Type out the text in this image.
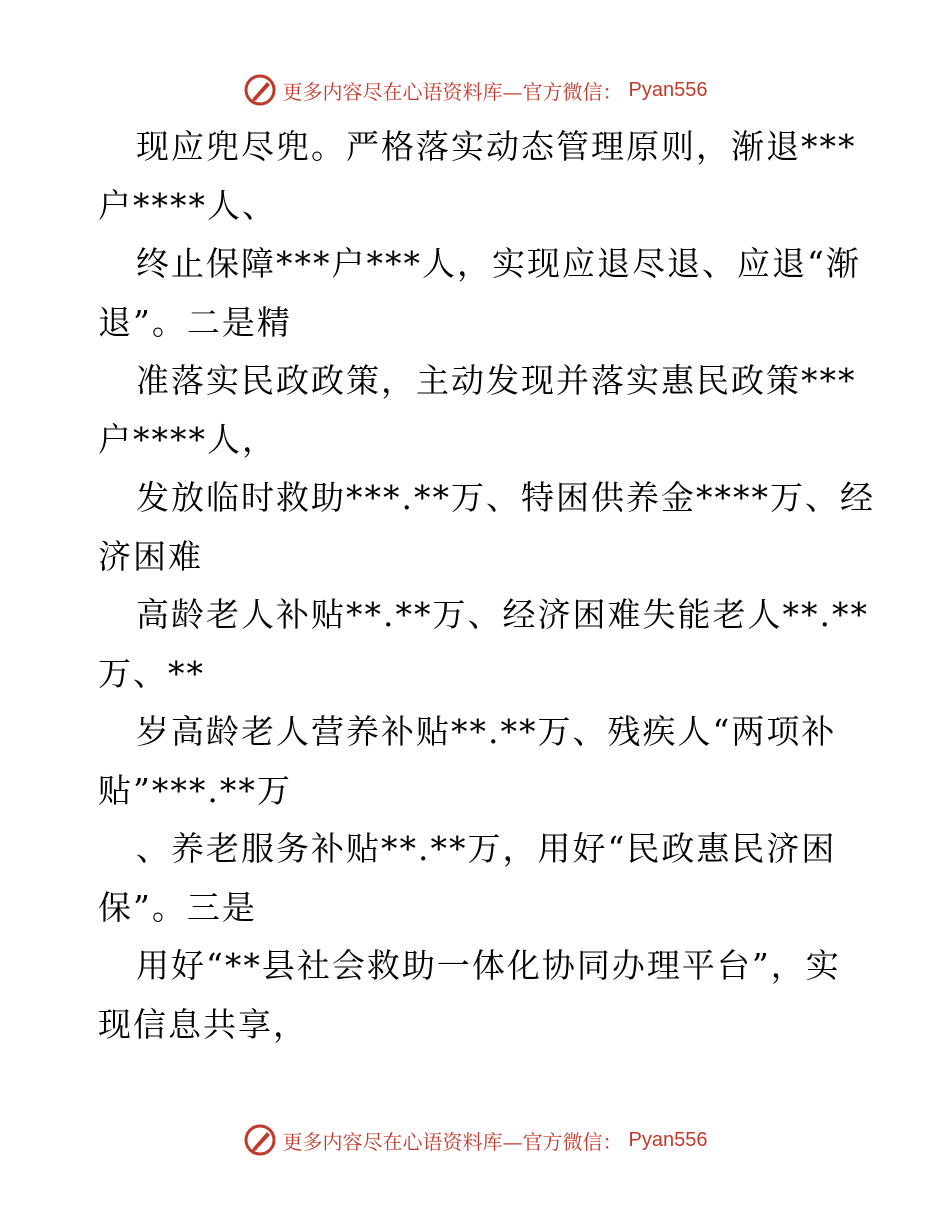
更多内容尽在心语资料库—官方微信： Pyan556
现应兜尽兜。严格落实动态管理原则，渐退***
户****人、
终止保障***户***人，实现应退尽退、应退“渐
退”。二是精
准落实民政政策，主动发现并落实惠民政策***
户****人，
发放临时救助***.**万、特困供养金****万、经
济困难
高龄老人补贴**.**万、经济困难失能老人**.**
万、**
岁高龄老人营养补贴**.**万、残疾人“两项补
贴”***.**万
、养老服务补贴**.**万，用好“民政惠民济困
保”。三是
用好“**县社会救助一体化协同办理平台”，实
现信息共享，
更多内容尽在心语资料库—官方微信： Pyan556
